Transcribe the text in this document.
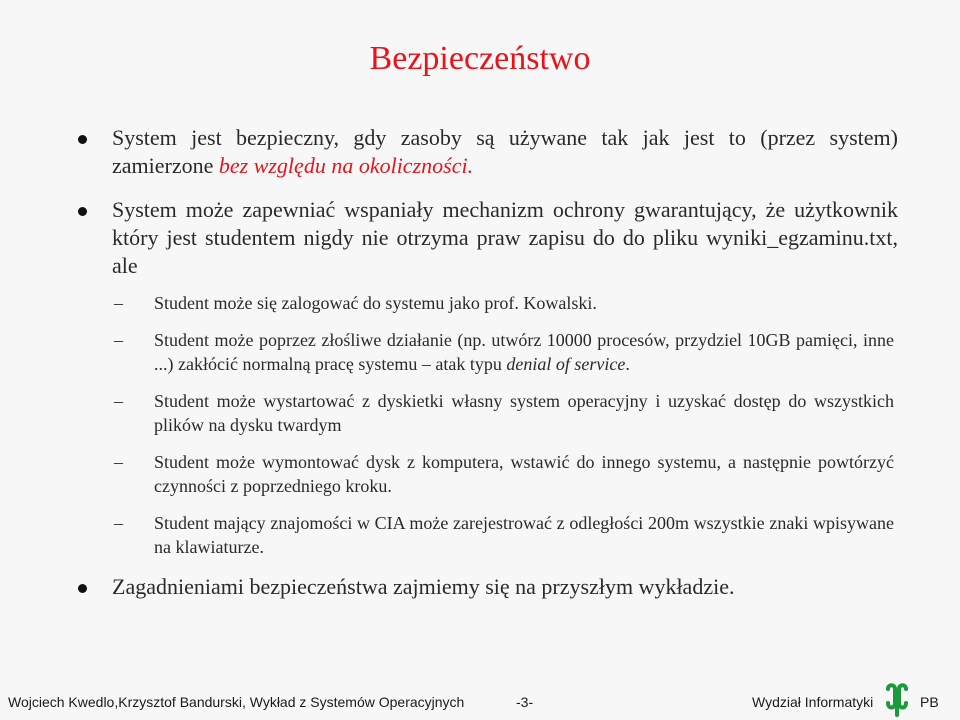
Bezpieczeństwo
System jest bezpieczny, gdy zasoby są używane tak jak jest to (przez system) zamierzone bez względu na okoliczności.
System może zapewniać wspaniały mechanizm ochrony gwarantujący, że użytkownik który jest studentem nigdy nie otrzyma praw zapisu do do pliku wyniki_egzaminu.txt, ale
– Student może się zalogować do systemu jako prof. Kowalski.
– Student może poprzez złośliwe działanie (np. utwórz 10000 procesów, przydziel 10GB pamięci, inne ...) zakłócić normalną pracę systemu – atak typu denial of service.
– Student może wystartować z dyskietki własny system operacyjny i uzyskać dostęp do wszystkich plików na dysku twardym
– Student może wymontować dysk z komputera, wstawić do innego systemu, a następnie powtórzyć czynności z poprzedniego kroku.
– Student mający znajomości w CIA może zarejestrować z odległości 200m wszystkie znaki wpisywane na klawiaturze.
Zagadnieniami bezpieczeństwa zajmiemy się na przyszłym wykładzie.
Wojciech Kwedlo,Krzysztof Bandurski, Wykład z Systemów Operacyjnych	-3-	Wydział Informatyki	PB
